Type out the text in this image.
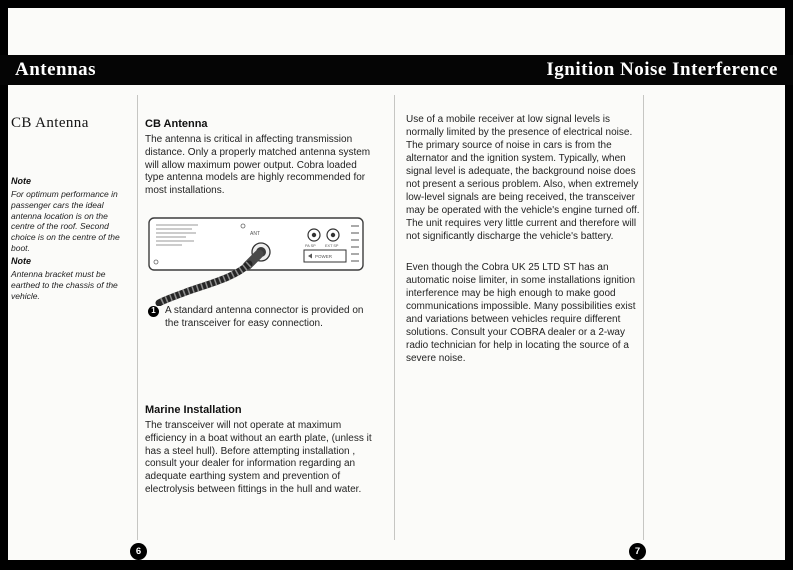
Antennas	Ignition Noise Interference
CB Antenna
Note
For optimum performance in passenger cars the ideal antenna location is on the centre of the roof. Second choice is on the centre of the boot.
Note
Antenna bracket must be earthed to the chassis of the vehicle.
CB Antenna
The antenna is critical in affecting transmission distance. Only a properly matched antenna system will allow maximum power output. Cobra loaded type antenna models are highly recommended for most installations.
ANT
PA SP EXT SP
POWER
1 A standard antenna connector is provided on the transceiver for easy connection.
Marine Installation
The transceiver will not operate at maximum efficiency in a boat without an earth plate, (unless it has a steel hull). Before attempting installation , consult your dealer for information regarding an adequate earthing system and prevention of electrolysis between fittings in the hull and water.
Use of a mobile receiver at low signal levels is normally limited by the presence of electrical noise. The primary source of noise in cars is from the alternator and the ignition system. Typically, when signal level is adequate, the background noise does not present a serious problem. Also, when extremely low-level signals are being received, the transceiver may be operated with the vehicle's engine turned off. The unit requires very little current and therefore will not significantly discharge the vehicle's battery.
Even though the Cobra UK 25 LTD ST has an automatic noise limiter, in some installations ignition interference may be high enough to make good communications impossible. Many possibilities exist and variations between vehicles require different solutions. Consult your COBRA dealer or a 2-way radio technician for help in locating the source of a severe noise.
6	7
